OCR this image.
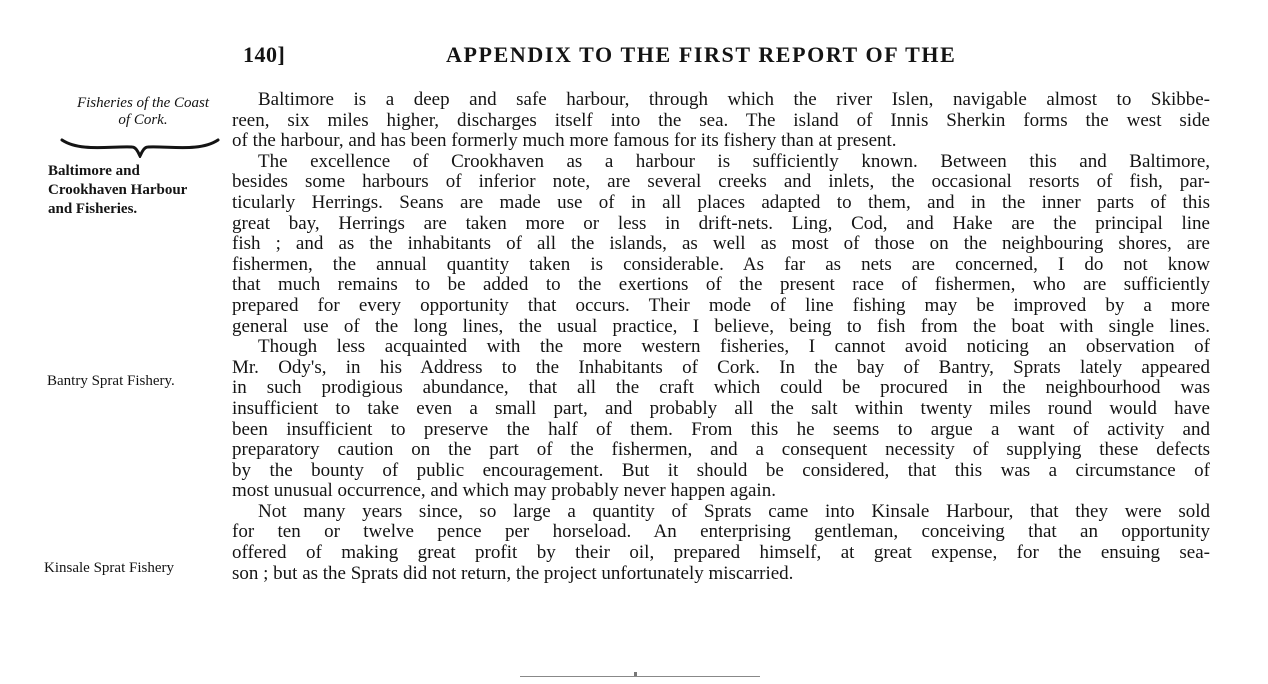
140]	APPENDIX TO THE FIRST REPORT OF THE
Fisheries of the Coast
of Cork.
Baltimore and
Crookhaven Harbour
and Fisheries.
Bantry Sprat Fishery.
Kinsale Sprat Fishery
Baltimore is a deep and safe harbour, through which the river Islen, navigable almost to Skibbe-
reen, six miles higher, discharges itself into the sea. The island of Innis Sherkin forms the west side
of the harbour, and has been formerly much more famous for its fishery than at present.
The excellence of Crookhaven as a harbour is sufficiently known. Between this and Baltimore,
besides some harbours of inferior note, are several creeks and inlets, the occasional resorts of fish, par-
ticularly Herrings. Seans are made use of in all places adapted to them, and in the inner parts of this
great bay, Herrings are taken more or less in drift-nets. Ling, Cod, and Hake are the principal line
fish ; and as the inhabitants of all the islands, as well as most of those on the neighbouring shores, are
fishermen, the annual quantity taken is considerable. As far as nets are concerned, I do not know
that much remains to be added to the exertions of the present race of fishermen, who are sufficiently
prepared for every opportunity that occurs. Their mode of line fishing may be improved by a more
general use of the long lines, the usual practice, I believe, being to fish from the boat with single lines.
Though less acquainted with the more western fisheries, I cannot avoid noticing an observation of
Mr. Ody's, in his Address to the Inhabitants of Cork. In the bay of Bantry, Sprats lately appeared
in such prodigious abundance, that all the craft which could be procured in the neighbourhood was
insufficient to take even a small part, and probably all the salt within twenty miles round would have
been insufficient to preserve the half of them. From this he seems to argue a want of activity and
preparatory caution on the part of the fishermen, and a consequent necessity of supplying these defects
by the bounty of public encouragement. But it should be considered, that this was a circumstance of
most unusual occurrence, and which may probably never happen again.
Not many years since, so large a quantity of Sprats came into Kinsale Harbour, that they were sold
for ten or twelve pence per horseload. An enterprising gentleman, conceiving that an opportunity
offered of making great profit by their oil, prepared himself, at great expense, for the ensuing sea-
son ; but as the Sprats did not return, the project unfortunately miscarried.
